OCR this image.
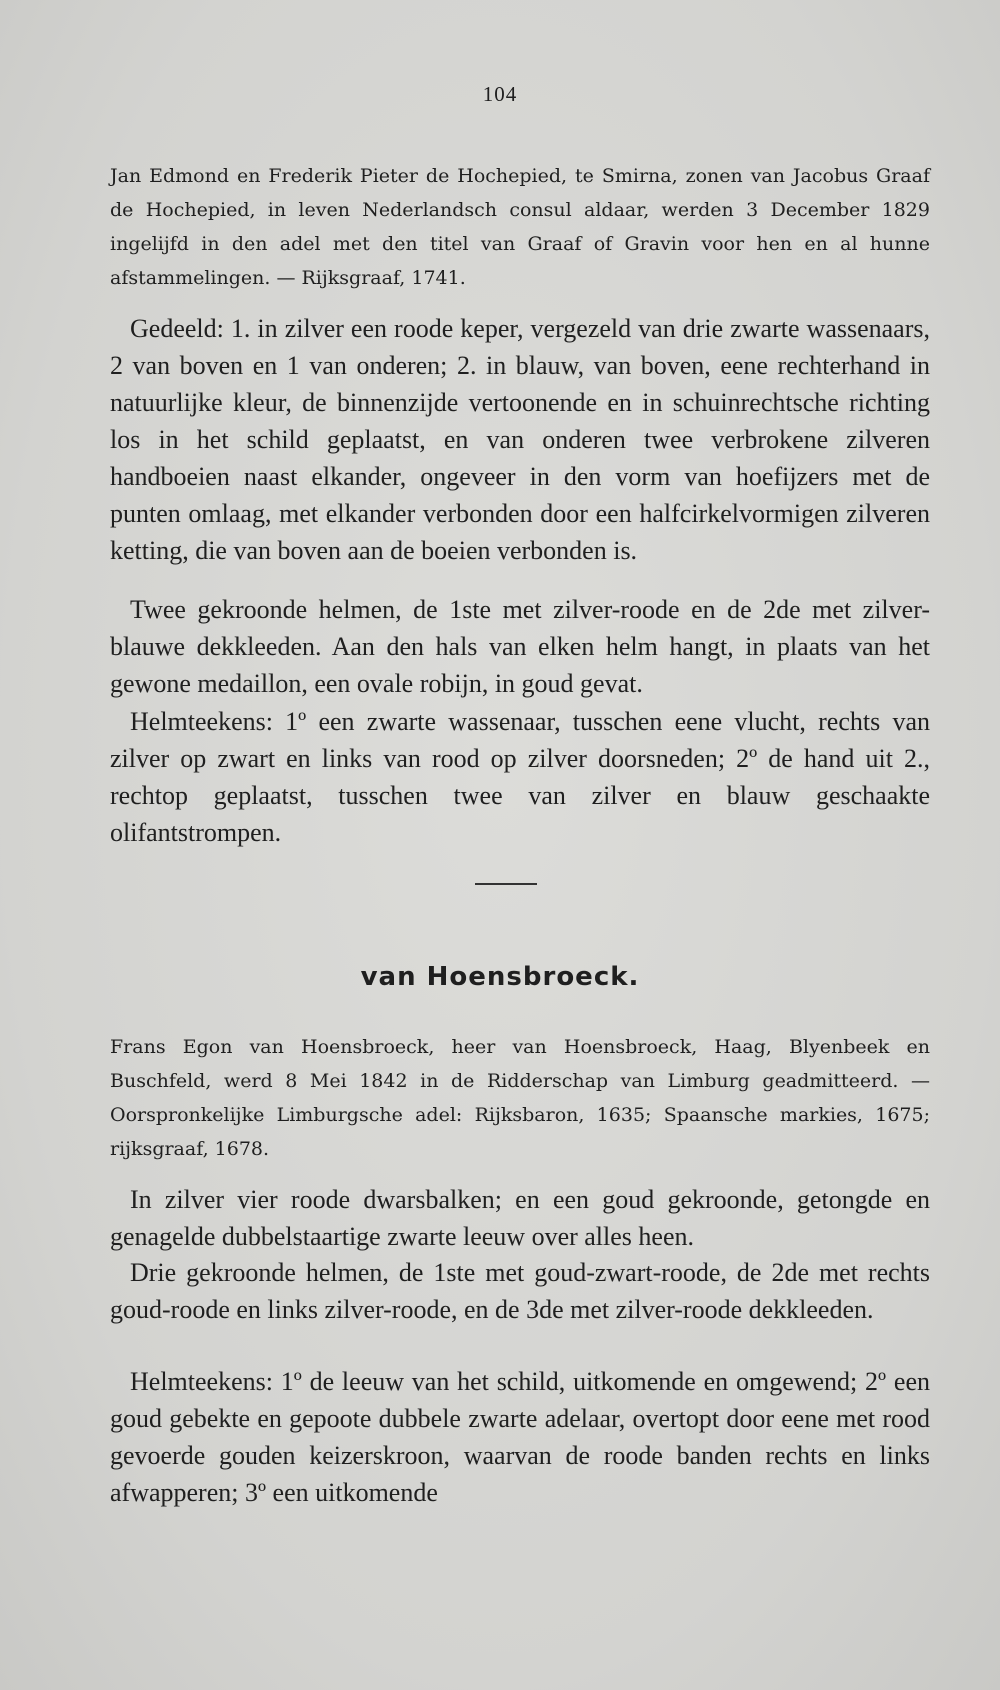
104

Jan Edmond en Frederik Pieter de Hochepied, te Smirna, zonen van Jacobus Graaf de Hochepied, in leven Nederlandsch consul aldaar, werden 3 December 1829 ingelijfd in den adel met den titel van Graaf of Gravin voor hen en al hunne afstammelingen. — Rijksgraaf, 1741.

Gedeeld: 1. in zilver een roode keper, vergezeld van drie zwarte wassenaars, 2 van boven en 1 van onderen; 2. in blauw, van boven, eene rechterhand in natuurlijke kleur, de binnenzijde vertoonende en in schuinrechtsche richting los in het schild geplaatst, en van onderen twee verbrokene zilveren handboeien naast elkander, ongeveer in den vorm van hoefijzers met de punten omlaag, met elkander verbonden door een halfcirkelvormigen zilveren ketting, die van boven aan de boeien verbonden is.

Twee gekroonde helmen, de 1ste met zilver-roode en de 2de met zilver-blauwe dekkleeden. Aan den hals van elken helm hangt, in plaats van het gewone medaillon, een ovale robijn, in goud gevat.

Helmteekens: 1º een zwarte wassenaar, tusschen eene vlucht, rechts van zilver op zwart en links van rood op zilver doorsneden; 2º de hand uit 2., rechtop geplaatst, tusschen twee van zilver en blauw geschaakte olifantstrompen.

van Hoensbroeck.

Frans Egon van Hoensbroeck, heer van Hoensbroeck, Haag, Blyenbeek en Buschfeld, werd 8 Mei 1842 in de Ridderschap van Limburg geadmitteerd. — Oorspronkelijke Limburgsche adel: Rijksbaron, 1635; Spaansche markies, 1675; rijksgraaf, 1678.

In zilver vier roode dwarsbalken; en een goud gekroonde, getongde en genagelde dubbelstaartige zwarte leeuw over alles heen.

Drie gekroonde helmen, de 1ste met goud-zwart-roode, de 2de met rechts goud-roode en links zilver-roode, en de 3de met zilver-roode dekkleeden.

Helmteekens: 1º de leeuw van het schild, uitkomende en omgewend; 2º een goud gebekte en gepoote dubbele zwarte adelaar, overtopt door eene met rood gevoerde gouden keizerskroon, waarvan de roode banden rechts en links afwapperen; 3º een uitkomende
